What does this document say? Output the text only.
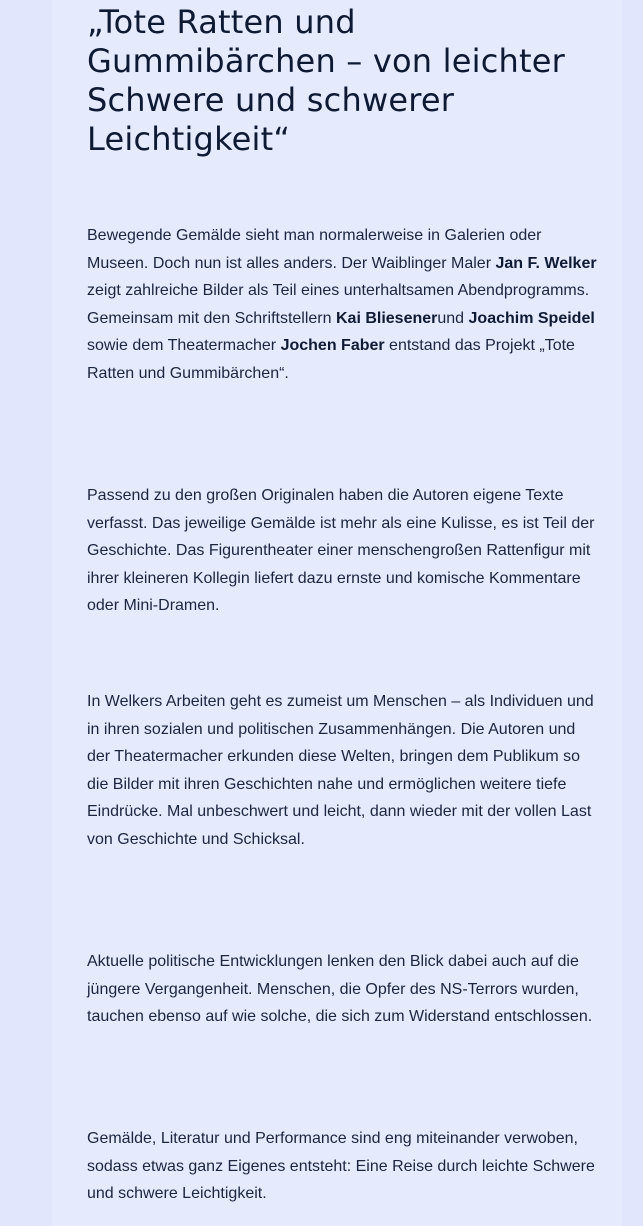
„Tote Ratten und Gummibärchen – von leichter Schwere und schwerer Leichtigkeit“

Bewegende Gemälde sieht man normalerweise in Galerien oder Museen. Doch nun ist alles anders. Der Waiblinger Maler Jan F. Welker zeigt zahlreiche Bilder als Teil eines unterhaltsamen Abendprogramms. Gemeinsam mit den Schriftstellern Kai Bliesenerund Joachim Speidel sowie dem Theatermacher Jochen Faber entstand das Projekt „Tote Ratten und Gummibärchen“.

Passend zu den großen Originalen haben die Autoren eigene Texte verfasst. Das jeweilige Gemälde ist mehr als eine Kulisse, es ist Teil der Geschichte. Das Figurentheater einer menschengroßen Rattenfigur mit ihrer kleineren Kollegin liefert dazu ernste und komische Kommentare oder Mini-Dramen.

In Welkers Arbeiten geht es zumeist um Menschen – als Individuen und in ihren sozialen und politischen Zusammenhängen. Die Autoren und der Theatermacher erkunden diese Welten, bringen dem Publikum so die Bilder mit ihren Geschichten nahe und ermöglichen weitere tiefe Eindrücke. Mal unbeschwert und leicht, dann wieder mit der vollen Last von Geschichte und Schicksal.

Aktuelle politische Entwicklungen lenken den Blick dabei auch auf die jüngere Vergangenheit. Menschen, die Opfer des NS-Terrors wurden, tauchen ebenso auf wie solche, die sich zum Widerstand entschlossen.

Gemälde, Literatur und Performance sind eng miteinander verwoben, sodass etwas ganz Eigenes entsteht: Eine Reise durch leichte Schwere und schwere Leichtigkeit.
